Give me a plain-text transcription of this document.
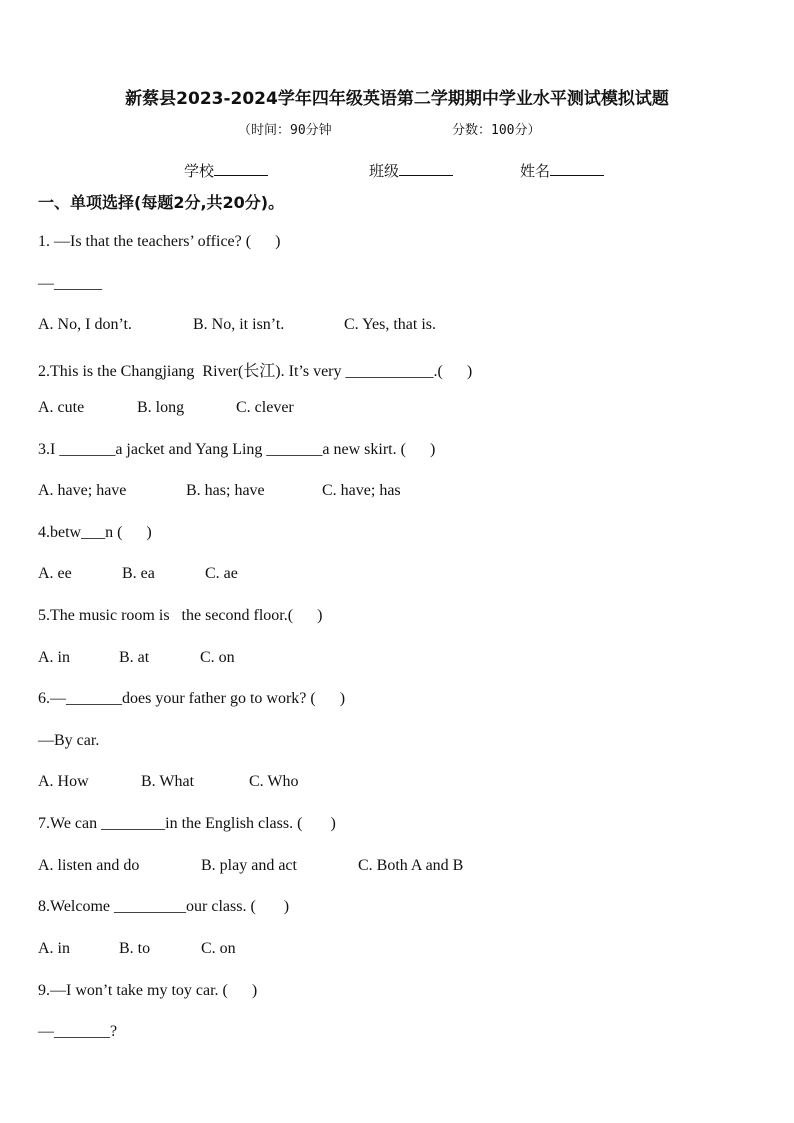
新蔡县2023-2024学年四年级英语第二学期期中学业水平测试模拟试题
（时间：90分钟	分数：100分）
学校	班级	姓名
一、单项选择(每题2分,共20分)。
1. —Is that the teachers’ office? (      )
—______
A. No, I don’t.	B. No, it isn’t.	C. Yes, that is.
2.This is the Changjiang  River(长江). It’s very ___________.(      )
A. cute	B. long	C. clever
3.I _______a jacket and Yang Ling _______a new skirt. (      )
A. have; have	B. has; have	C. have; has
4.betw___n (      )
A. ee	B. ea	C. ae
5.The music room is   the second floor.(      )
A. in	B. at	C. on
6.—_______does your father go to work? (      )
—By car.
A. How	B. What	C. Who
7.We can ________in the English class. (       )
A. listen and do	B. play and act	C. Both A and B
8.Welcome _________our class. (       )
A. in	B. to	C. on
9.—I won’t take my toy car. (      )
—_______?
